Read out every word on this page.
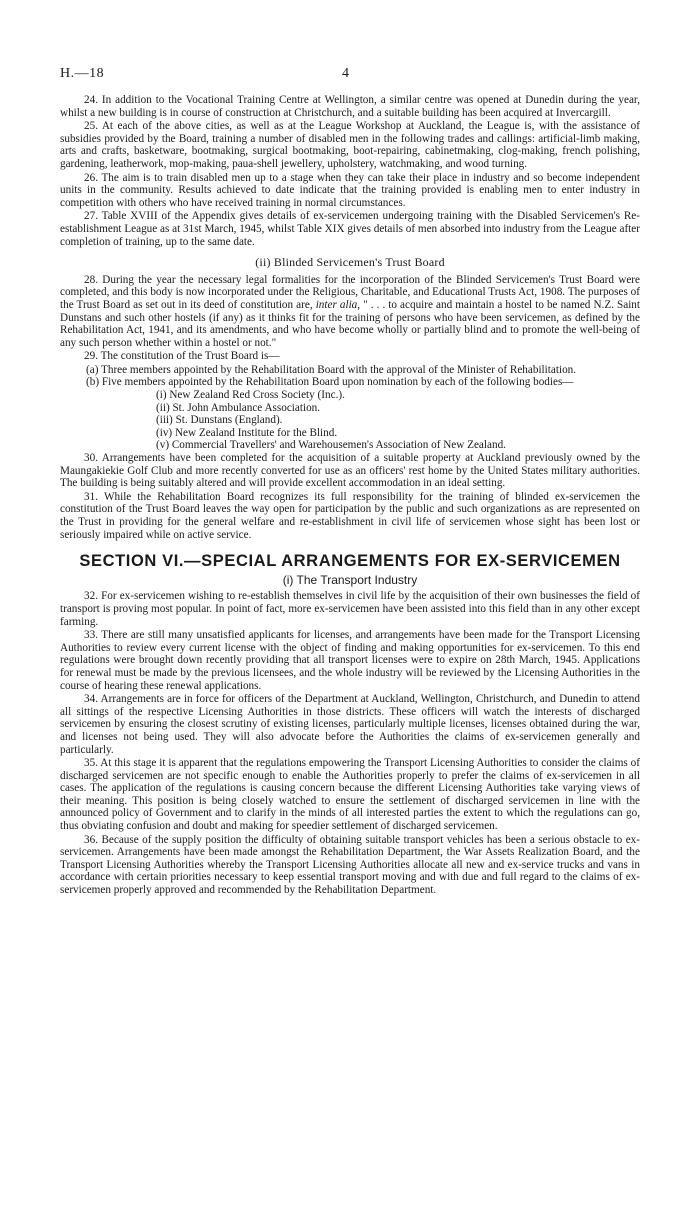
H.—18	4

24. In addition to the Vocational Training Centre at Wellington, a similar centre was opened at Dunedin during the year, whilst a new building is in course of construction at Christchurch, and a suitable building has been acquired at Invercargill.

25. At each of the above cities, as well as at the League Workshop at Auckland, the League is, with the assistance of subsidies provided by the Board, training a number of disabled men in the following trades and callings: artificial-limb making, arts and crafts, basketware, bootmaking, surgical bootmaking, boot-repairing, cabinetmaking, clog-making, french polishing, gardening, leatherwork, mop-making, paua-shell jewellery, upholstery, watchmaking, and wood turning.

26. The aim is to train disabled men up to a stage when they can take their place in industry and so become independent units in the community. Results achieved to date indicate that the training provided is enabling men to enter industry in competition with others who have received training in normal circumstances.

27. Table XVIII of the Appendix gives details of ex-servicemen undergoing training with the Disabled Servicemen's Re-establishment League as at 31st March, 1945, whilst Table XIX gives details of men absorbed into industry from the League after completion of training, up to the same date.

(ii) Blinded Servicemen's Trust Board

28. During the year the necessary legal formalities for the incorporation of the Blinded Servicemen's Trust Board were completed, and this body is now incorporated under the Religious, Charitable, and Educational Trusts Act, 1908. The purposes of the Trust Board as set out in its deed of constitution are, inter alia, " . . . to acquire and maintain a hostel to be named N.Z. Saint Dunstans and such other hostels (if any) as it thinks fit for the training of persons who have been servicemen, as defined by the Rehabilitation Act, 1941, and its amendments, and who have become wholly or partially blind and to promote the well-being of any such person whether within a hostel or not."

29. The constitution of the Trust Board is—

(a) Three members appointed by the Rehabilitation Board with the approval of the Minister of Rehabilitation.
(b) Five members appointed by the Rehabilitation Board upon nomination by each of the following bodies—
(i) New Zealand Red Cross Society (Inc.).
(ii) St. John Ambulance Association.
(iii) St. Dunstans (England).
(iv) New Zealand Institute for the Blind.
(v) Commercial Travellers' and Warehousemen's Association of New Zealand.

30. Arrangements have been completed for the acquisition of a suitable property at Auckland previously owned by the Maungakiekie Golf Club and more recently converted for use as an officers' rest home by the United States military authorities. The building is being suitably altered and will provide excellent accommodation in an ideal setting.

31. While the Rehabilitation Board recognizes its full responsibility for the training of blinded ex-servicemen the constitution of the Trust Board leaves the way open for participation by the public and such organizations as are represented on the Trust in providing for the general welfare and re-establishment in civil life of servicemen whose sight has been lost or seriously impaired while on active service.

SECTION VI.—SPECIAL ARRANGEMENTS FOR EX-SERVICEMEN
(i) The Transport Industry

32. For ex-servicemen wishing to re-establish themselves in civil life by the acquisition of their own businesses the field of transport is proving most popular. In point of fact, more ex-servicemen have been assisted into this field than in any other except farming.

33. There are still many unsatisfied applicants for licenses, and arrangements have been made for the Transport Licensing Authorities to review every current license with the object of finding and making opportunities for ex-servicemen. To this end regulations were brought down recently providing that all transport licenses were to expire on 28th March, 1945. Applications for renewal must be made by the previous licensees, and the whole industry will be reviewed by the Licensing Authorities in the course of hearing these renewal applications.

34. Arrangements are in force for officers of the Department at Auckland, Wellington, Christchurch, and Dunedin to attend all sittings of the respective Licensing Authorities in those districts. These officers will watch the interests of discharged servicemen by ensuring the closest scrutiny of existing licenses, particularly multiple licenses, licenses obtained during the war, and licenses not being used. They will also advocate before the Authorities the claims of ex-servicemen generally and particularly.

35. At this stage it is apparent that the regulations empowering the Transport Licensing Authorities to consider the claims of discharged servicemen are not specific enough to enable the Authorities properly to prefer the claims of ex-servicemen in all cases. The application of the regulations is causing concern because the different Licensing Authorities take varying views of their meaning. This position is being closely watched to ensure the settlement of discharged servicemen in line with the announced policy of Government and to clarify in the minds of all interested parties the extent to which the regulations can go, thus obviating confusion and doubt and making for speedier settlement of discharged servicemen.

36. Because of the supply position the difficulty of obtaining suitable transport vehicles has been a serious obstacle to ex-servicemen. Arrangements have been made amongst the Rehabilitation Department, the War Assets Realization Board, and the Transport Licensing Authorities whereby the Transport Licensing Authorities allocate all new and ex-service trucks and vans in accordance with certain priorities necessary to keep essential transport moving and with due and full regard to the claims of ex-servicemen properly approved and recommended by the Rehabilitation Department.
